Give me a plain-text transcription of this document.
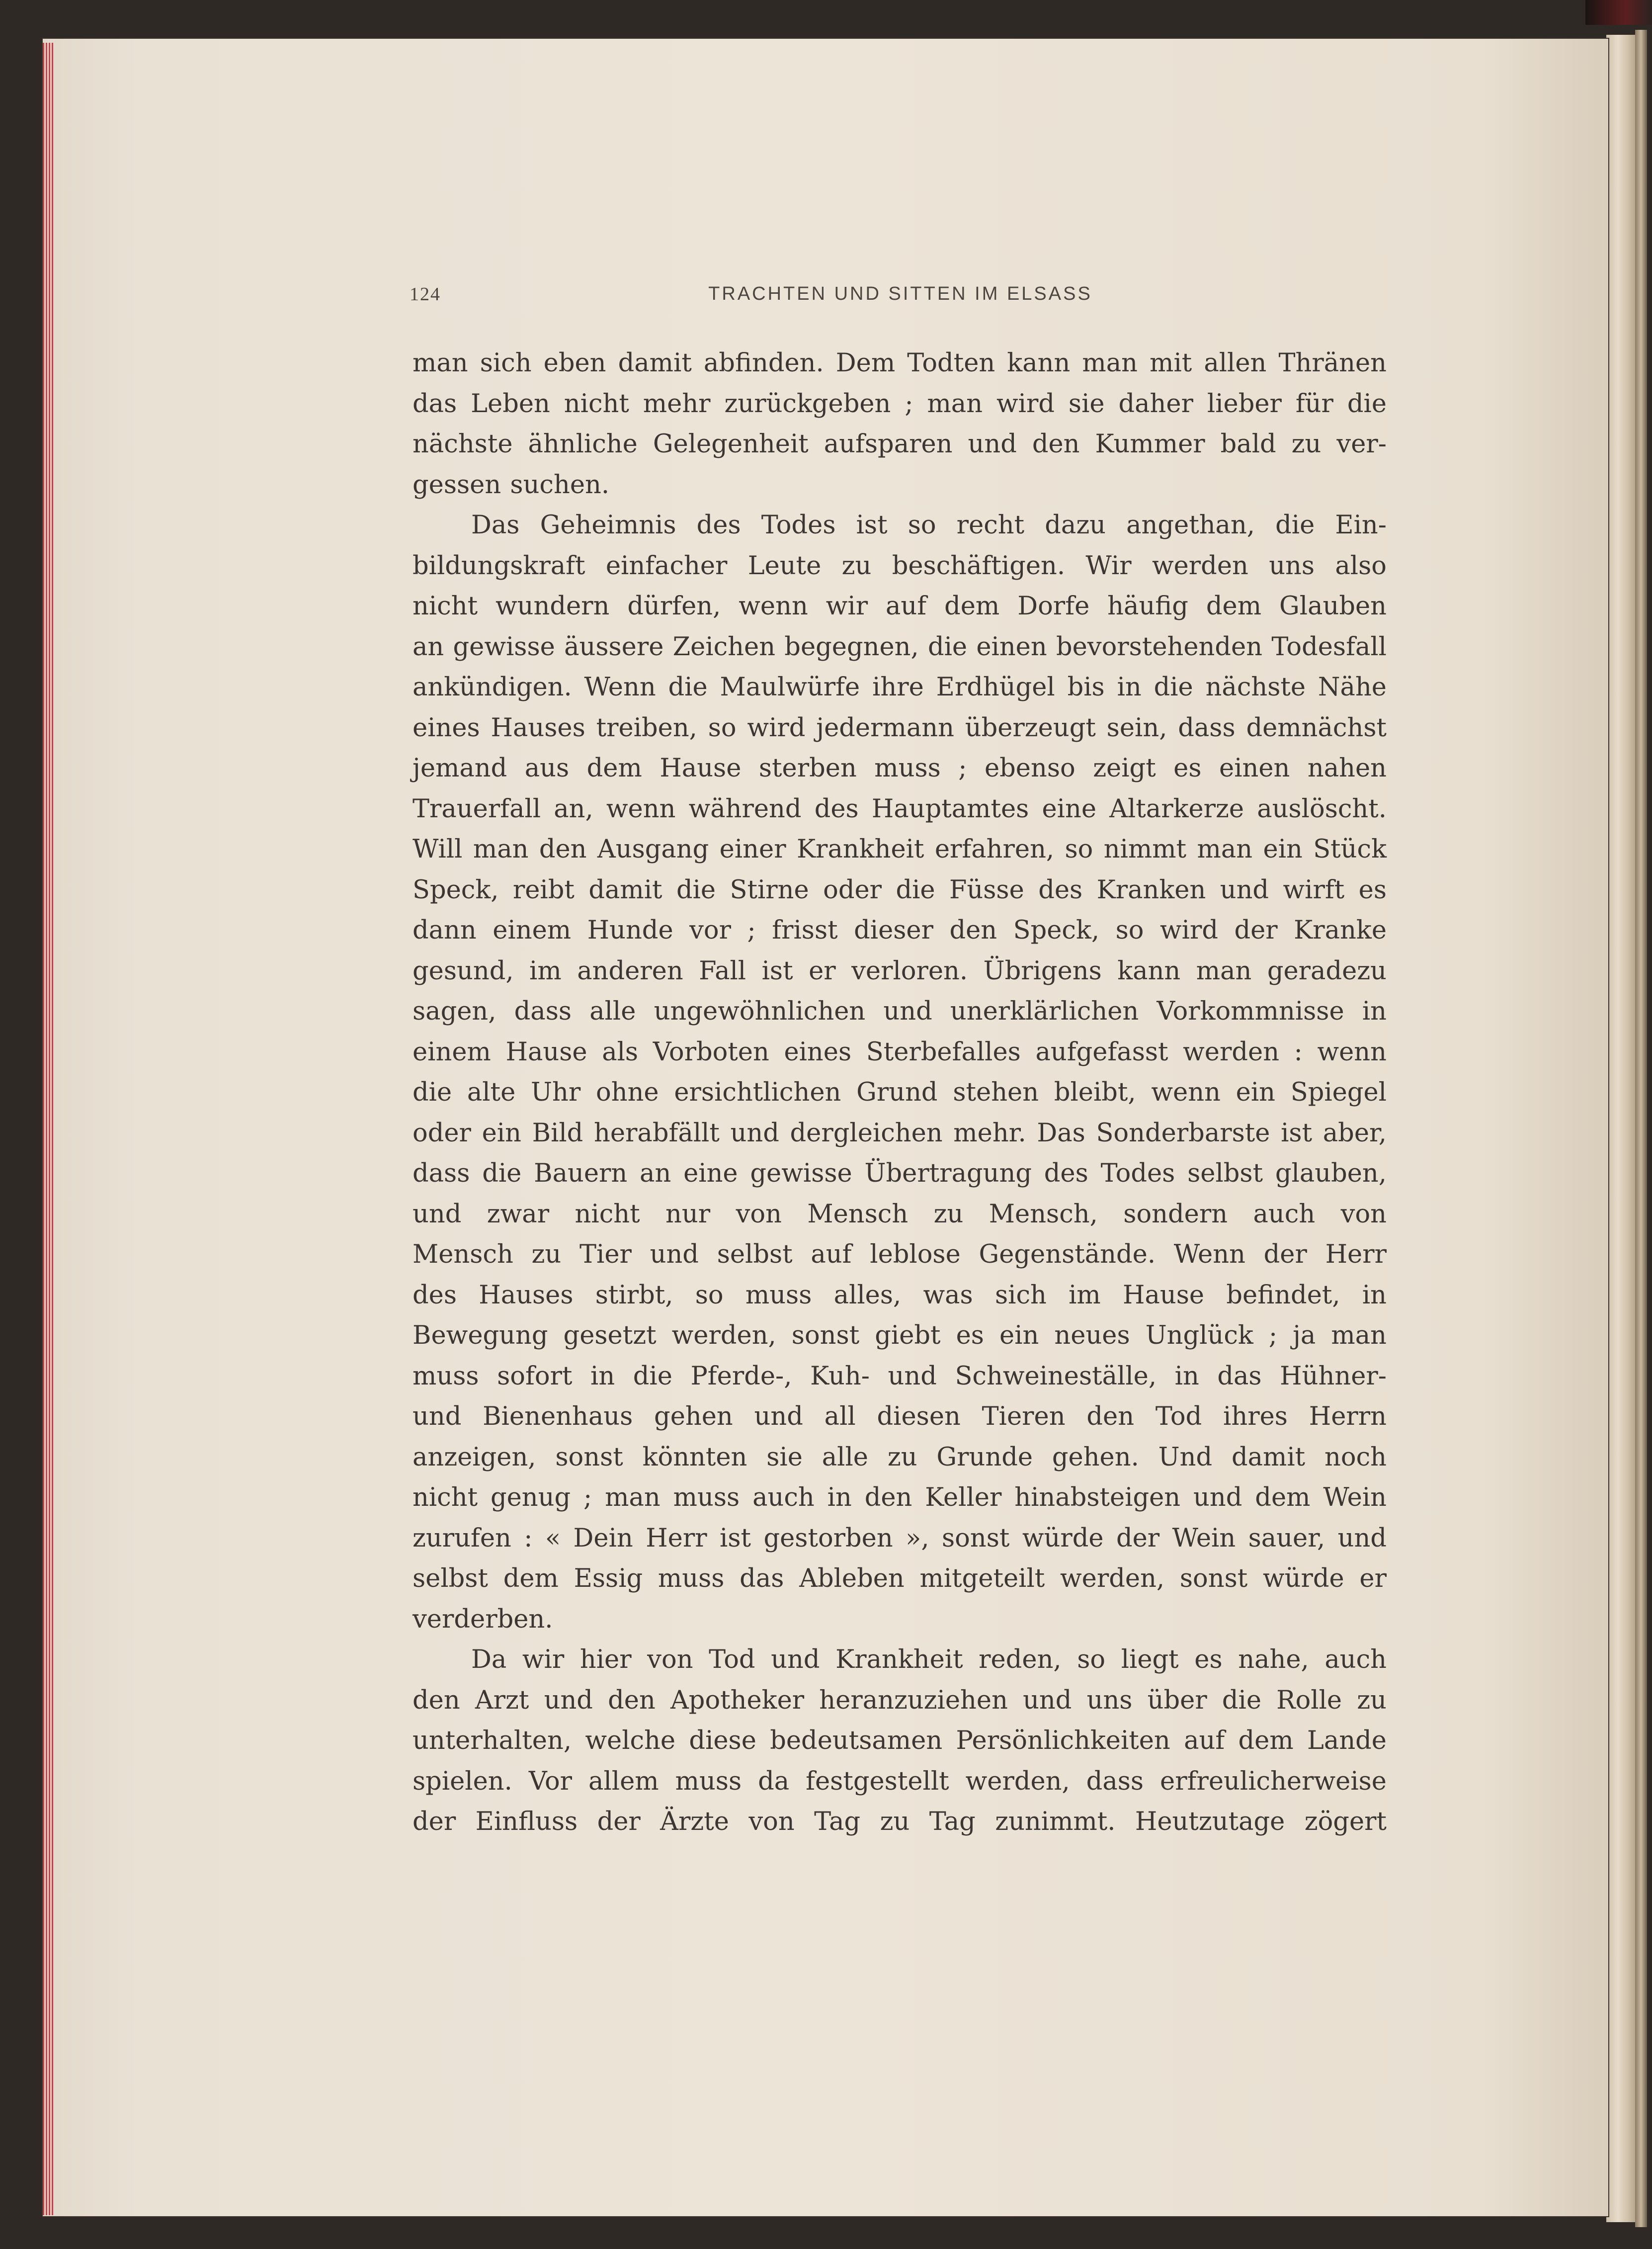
124	TRACHTEN UND SITTEN IM ELSASS
man sich eben damit abfinden. Dem Todten kann man mit allen Thränen
das Leben nicht mehr zurückgeben ; man wird sie daher lieber für die
nächste ähnliche Gelegenheit aufsparen und den Kummer bald zu ver-
gessen suchen.
Das Geheimnis des Todes ist so recht dazu angethan, die Ein-
bildungskraft einfacher Leute zu beschäftigen. Wir werden uns also
nicht wundern dürfen, wenn wir auf dem Dorfe häufig dem Glauben
an gewisse äussere Zeichen begegnen, die einen bevorstehenden Todesfall
ankündigen. Wenn die Maulwürfe ihre Erdhügel bis in die nächste Nähe
eines Hauses treiben, so wird jedermann überzeugt sein, dass demnächst
jemand aus dem Hause sterben muss ; ebenso zeigt es einen nahen
Trauerfall an, wenn während des Hauptamtes eine Altarkerze auslöscht.
Will man den Ausgang einer Krankheit erfahren, so nimmt man ein Stück
Speck, reibt damit die Stirne oder die Füsse des Kranken und wirft es
dann einem Hunde vor ; frisst dieser den Speck, so wird der Kranke
gesund, im anderen Fall ist er verloren. Übrigens kann man geradezu
sagen, dass alle ungewöhnlichen und unerklärlichen Vorkommnisse in
einem Hause als Vorboten eines Sterbefalles aufgefasst werden : wenn
die alte Uhr ohne ersichtlichen Grund stehen bleibt, wenn ein Spiegel
oder ein Bild herabfällt und dergleichen mehr. Das Sonderbarste ist aber,
dass die Bauern an eine gewisse Übertragung des Todes selbst glauben,
und zwar nicht nur von Mensch zu Mensch, sondern auch von
Mensch zu Tier und selbst auf leblose Gegenstände. Wenn der Herr
des Hauses stirbt, so muss alles, was sich im Hause befindet, in
Bewegung gesetzt werden, sonst giebt es ein neues Unglück ; ja man
muss sofort in die Pferde-, Kuh- und Schweineställe, in das Hühner-
und Bienenhaus gehen und all diesen Tieren den Tod ihres Herrn
anzeigen, sonst könnten sie alle zu Grunde gehen. Und damit noch
nicht genug ; man muss auch in den Keller hinabsteigen und dem Wein
zurufen : « Dein Herr ist gestorben », sonst würde der Wein sauer, und
selbst dem Essig muss das Ableben mitgeteilt werden, sonst würde er
verderben.
Da wir hier von Tod und Krankheit reden, so liegt es nahe, auch
den Arzt und den Apotheker heranzuziehen und uns über die Rolle zu
unterhalten, welche diese bedeutsamen Persönlichkeiten auf dem Lande
spielen. Vor allem muss da festgestellt werden, dass erfreulicherweise
der Einfluss der Ärzte von Tag zu Tag zunimmt. Heutzutage zögert
